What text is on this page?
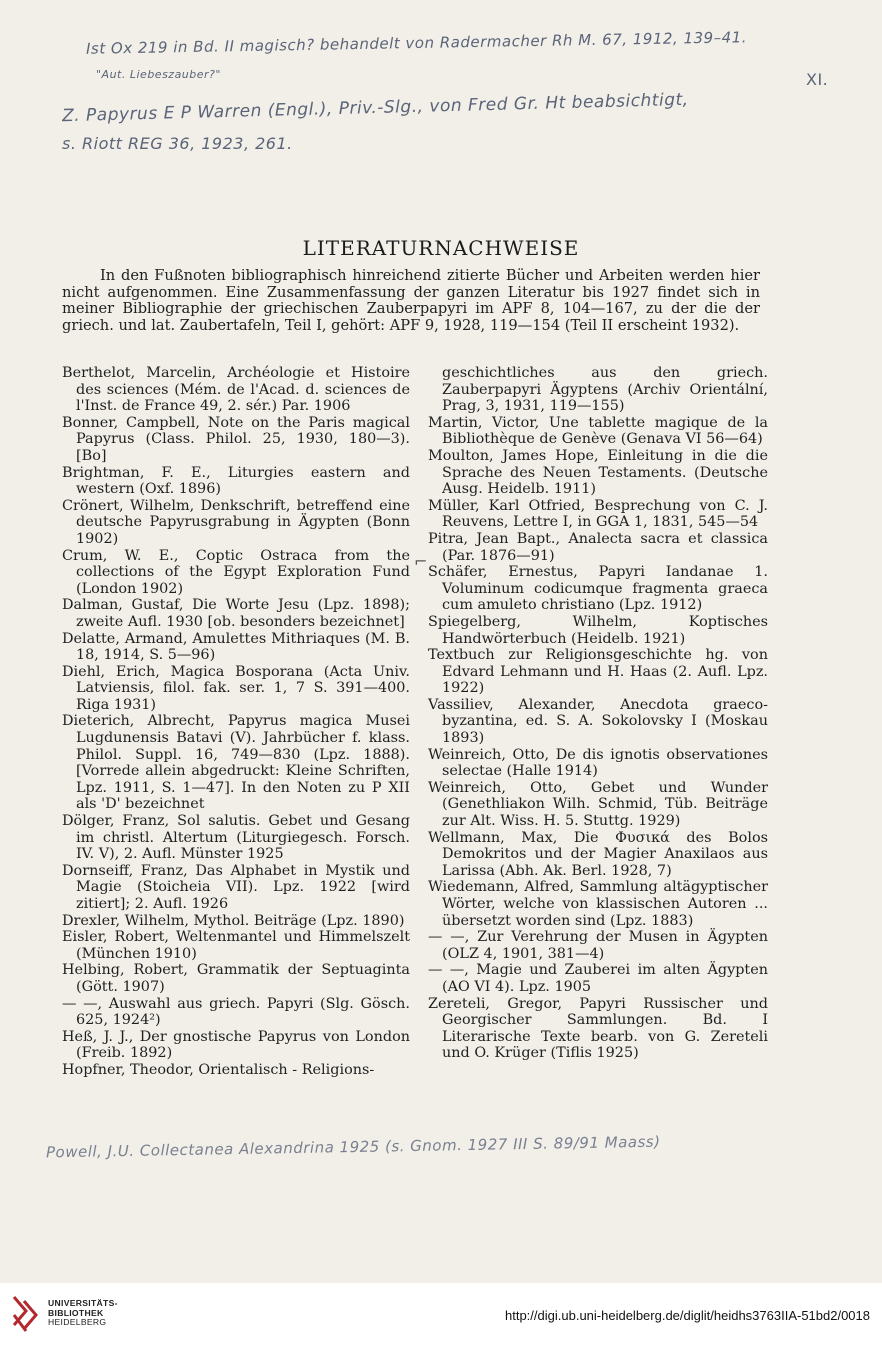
Ist Ox 219 in Bd. II magisch? behandelt von Radermacher Rh M. 67, 1912, 139–41.
"Aut. Liebeszauber?"	XI.
Z. Papyrus E P Warren (Engl.), Priv.-Slg., von Fred Gr. Ht beabsichtigt,
s. Riott REG 36, 1923, 261.
LITERATURNACHWEISE
In den Fußnoten bibliographisch hinreichend zitierte Bücher und Arbeiten werden hier nicht aufgenommen. Eine Zusammenfassung der ganzen Literatur bis 1927 findet sich in meiner Bibliographie der griechischen Zauberpapyri im APF 8, 104—167, zu der die der griech. und lat. Zaubertafeln, Teil I, gehört: APF 9, 1928, 119—154 (Teil II erscheint 1932).

Berthelot, Marcelin, Archéologie et Histoire des sciences (Mém. de l'Acad. d. sciences de l'Inst. de France 49, 2. sér.) Par. 1906

Bonner, Campbell, Note on the Paris magical Papyrus (Class. Philol. 25, 1930, 180—3). [Bo]

Brightman, F. E., Liturgies eastern and western (Oxf. 1896)

Crönert, Wilhelm, Denkschrift, betreffend eine deutsche Papyrusgrabung in Ägypten (Bonn 1902)

Crum, W. E., Coptic Ostraca from the collections of the Egypt Exploration Fund (London 1902)

Dalman, Gustaf, Die Worte Jesu (Lpz. 1898); zweite Aufl. 1930 [ob. besonders bezeichnet]

Delatte, Armand, Amulettes Mithriaques (M. B. 18, 1914, S. 5—96)

Diehl, Erich, Magica Bosporana (Acta Univ. Latviensis, filol. fak. ser. 1, 7 S. 391—400. Riga 1931)

Dieterich, Albrecht, Papyrus magica Musei Lugdunensis Batavi (V). Jahrbücher f. klass. Philol. Suppl. 16, 749—830 (Lpz. 1888). [Vorrede allein abgedruckt: Kleine Schriften, Lpz. 1911, S. 1—47]. In den Noten zu P XII als 'D' bezeichnet

Dölger, Franz, Sol salutis. Gebet und Gesang im christl. Altertum (Liturgiegesch. Forsch. IV. V), 2. Aufl. Münster 1925

Dornseiff, Franz, Das Alphabet in Mystik und Magie (Stoicheia VII). Lpz. 1922 [wird zitiert]; 2. Aufl. 1926

Drexler, Wilhelm, Mythol. Beiträge (Lpz. 1890)

Eisler, Robert, Weltenmantel und Himmelszelt (München 1910)

Helbing, Robert, Grammatik der Septuaginta (Gött. 1907)

— —, Auswahl aus griech. Papyri (Slg. Gösch. 625, 1924²)

Heß, J. J., Der gnostische Papyrus von London (Freib. 1892)

Hopfner, Theodor, Orientalisch - Religions-

⌐

geschichtliches aus den griech. Zauberpapyri Ägyptens (Archiv Orientální, Prag, 3, 1931, 119—155)

Martin, Victor, Une tablette magique de la Bibliothèque de Genève (Genava VI 56—64)

Moulton, James Hope, Einleitung in die die Sprache des Neuen Testaments. (Deutsche Ausg. Heidelb. 1911)

Müller, Karl Otfried, Besprechung von C. J. Reuvens, Lettre I, in GGA 1, 1831, 545—54

Pitra, Jean Bapt., Analecta sacra et classica (Par. 1876—91)

Schäfer, Ernestus, Papyri Iandanae 1. Voluminum codicumque fragmenta graeca cum amuleto christiano (Lpz. 1912)

Spiegelberg, Wilhelm, Koptisches Handwörterbuch (Heidelb. 1921)

Textbuch zur Religionsgeschichte hg. von Edvard Lehmann und H. Haas (2. Aufl. Lpz. 1922)

Vassiliev, Alexander, Anecdota graeco-byzantina, ed. S. A. Sokolovsky I (Moskau 1893)

Weinreich, Otto, De dis ignotis observationes selectae (Halle 1914)

Weinreich, Otto, Gebet und Wunder (Genethliakon Wilh. Schmid, Tüb. Beiträge zur Alt. Wiss. H. 5. Stuttg. 1929)

Wellmann, Max, Die Φυσικά des Bolos Demokritos und der Magier Anaxilaos aus Larissa (Abh. Ak. Berl. 1928, 7)

Wiedemann, Alfred, Sammlung altägyptischer Wörter, welche von klassischen Autoren ... übersetzt worden sind (Lpz. 1883)

— —, Zur Verehrung der Musen in Ägypten (OLZ 4, 1901, 381—4)

— —, Magie und Zauberei im alten Ägypten (AO VI 4). Lpz. 1905

Zereteli, Gregor, Papyri Russischer und Georgischer Sammlungen. Bd. I Literarische Texte bearb. von G. Zereteli und O. Krüger (Tiflis 1925)

Powell, J.U. Collectanea Alexandrina 1925 (s. Gnom. 1927 III S. 89/91 Maass)
UNIVERSITÄTS-
BIBLIOTHEK
HEIDELBERG	http://digi.ub.uni-heidelberg.de/diglit/heidhs3763IIA-51bd2/0018
